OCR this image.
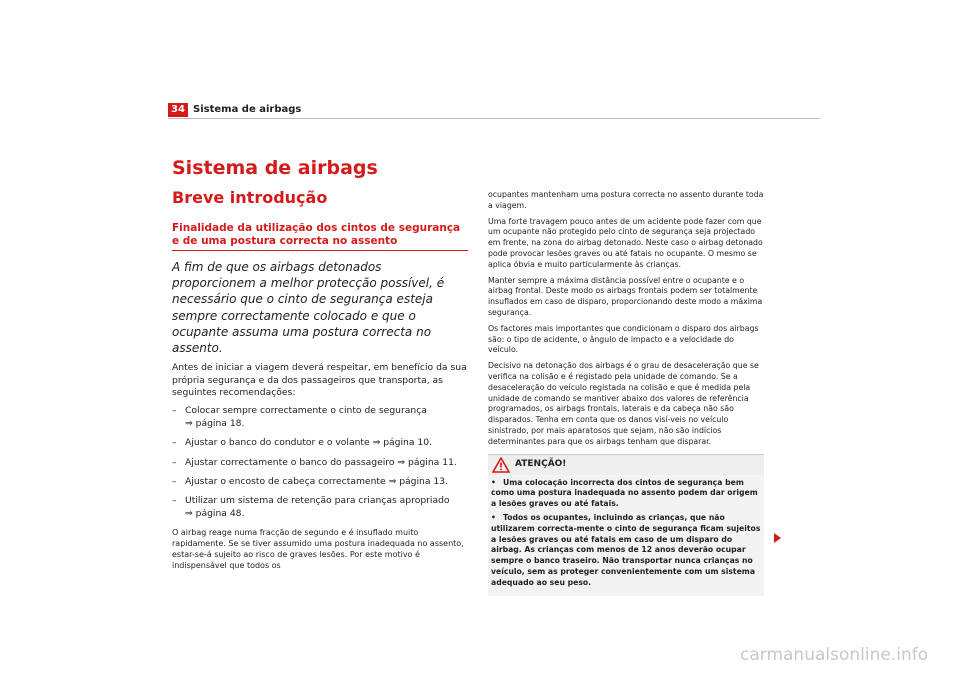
34 Sistema de airbags
Sistema de airbags
Breve introdução
Finalidade da utilização dos cintos de segurança e de uma postura correcta no assento

A fim de que os airbags detonados proporcionem a melhor protecção possível, é necessário que o cinto de segurança esteja sempre correctamente colocado e que o ocupante assuma uma postura correcta no assento.

Antes de iniciar a viagem deverá respeitar, em benefício da sua própria segurança e da dos passageiros que transporta, as seguintes recomendações:

– Colocar sempre correctamente o cinto de segurança
⇒ página 18.
– Ajustar o banco do condutor e o volante ⇒ página 10.
– Ajustar correctamente o banco do passageiro ⇒ página 11.
– Ajustar o encosto de cabeça correctamente ⇒ página 13.
– Utilizar um sistema de retenção para crianças apropriado
⇒ página 48.

O airbag reage numa fracção de segundo e é insuflado muito rapidamente. Se se tiver assumido uma postura inadequada no assento, estar-se-á sujeito ao risco de graves lesões. Por este motivo é indispensável que todos os

ocupantes mantenham uma postura correcta no assento durante toda a viagem.

Uma forte travagem pouco antes de um acidente pode fazer com que um ocupante não protegido pelo cinto de segurança seja projectado em frente, na zona do airbag detonado. Neste caso o airbag detonado pode provocar lesões graves ou até fatais no ocupante. O mesmo se aplica óbvia e muito particularmente às crianças.

Manter sempre a máxima distância possível entre o ocupante e o airbag frontal. Deste modo os airbags frontais podem ser totalmente insuflados em caso de disparo, proporcionando deste modo a máxima segurança.

Os factores mais importantes que condicionam o disparo dos airbags são: o tipo de acidente, o ângulo de impacto e a velocidade do veículo.

Decisivo na detonação dos airbags é o grau de desaceleração que se verifica na colisão e é registado pela unidade de comando. Se a desaceleração do veículo registada na colisão e que é medida pela unidade de comando se mantiver abaixo dos valores de referência programados, os airbags frontais, laterais e da cabeça não são disparados. Tenha em conta que os danos visí-veis no veículo sinistrado, por mais aparatosos que sejam, não são indícios determinantes para que os airbags tenham que disparar.

ATENÇÃO!

• Uma colocação incorrecta dos cintos de segurança bem como uma postura inadequada no assento podem dar origem a lesões graves ou até fatais.

• Todos os ocupantes, incluindo as crianças, que não utilizarem correcta-mente o cinto de segurança ficam sujeitos a lesões graves ou até fatais em caso de um disparo do airbag. As crianças com menos de 12 anos deverão ocupar sempre o banco traseiro. Não transportar nunca crianças no veículo, sem as proteger convenientemente com um sistema adequado ao seu peso.

carmanualsonline.info
